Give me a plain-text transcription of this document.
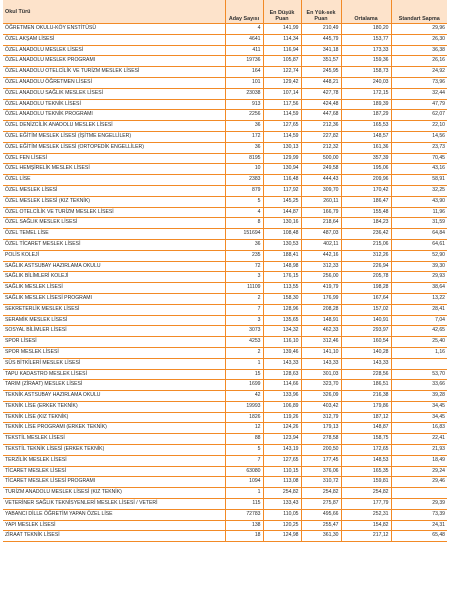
Okul Türü	Aday Sayısı	En Düşük Puan	En Yük-sek Puan	Ortalama	Standart Sapma
ÖĞRETMEN OKULU-KÖY ENSTİTÜSÜ	4	141,99	210,49	180,20	29,96
ÖZEL AKŞAM LİSESİ	4641	114,34	445,79	153,77	26,30
ÖZEL ANADOLU MESLEK LİSESİ	411	116,94	341,18	173,33	36,38
ÖZEL ANADOLU MESLEK PROGRAMI	19736	105,87	351,57	159,36	26,16
ÖZEL ANADOLU OTELCİLİK VE TURİZM MESLEK LİSESİ	164	122,74	245,95	158,73	24,92
ÖZEL ANADOLU ÖĞRETMEN LİSESİ	101	129,42	448,21	240,03	73,96
ÖZEL ANADOLU SAĞLIK MESLEK LİSESİ	23038	107,14	427,78	172,15	32,44
ÖZEL ANADOLU TEKNİK LİSESİ	913	117,56	424,48	189,39	47,79
ÖZEL ANADOLU TEKNİK PROGRAMI	2256	114,59	447,68	187,29	62,07
ÖZEL DENİZCİLİK ANADOLU MESLEK LİSESİ	36	127,65	212,36	165,53	22,10
ÖZEL EĞİTİM MESLEK LİSESİ (İŞİTME ENGELLİLER)	172	114,59	227,82	148,57	14,56
ÖZEL EĞİTİM MESLEK LİSESİ (ORTOPEDİK ENGELLİLER)	36	130,13	212,32	161,36	23,73
ÖZEL FEN LİSESİ	8195	129,99	500,00	357,39	70,45
ÖZEL HEMŞİRELİK MESLEK LİSESİ	10	130,94	249,58	195,06	43,16
ÖZEL LİSE	2383	116,48	444,43	209,96	58,91
ÖZEL MESLEK LİSESİ	879	117,92	309,70	170,42	32,25
ÖZEL MESLEK LİSESİ (KIZ TEKNİK)	5	145,25	260,11	186,47	43,90
ÖZEL OTELCİLİK VE TURİZM MESLEK LİSESİ	4	144,87	166,79	155,48	11,96
ÖZEL SAĞLIK MESLEK LİSESİ	8	130,16	218,64	184,23	31,59
ÖZEL TEMEL LİSE	151694	108,48	487,03	236,42	64,84
ÖZEL TİCARET MESLEK LİSESİ	36	130,53	402,11	215,06	64,61
POLİS KOLEJİ	235	188,41	442,16	312,26	52,90
SAĞLIK ASTSUBAY HAZIRLAMA OKULU	72	148,98	312,33	226,94	39,30
SAĞLIK BİLİMLERİ KOLEJİ	3	176,15	256,00	205,78	29,93
SAĞLIK MESLEK LİSESİ	11109	113,55	419,79	198,28	38,64
SAĞLIK MESLEK LİSESİ PROGRAMI	2	158,30	176,99	167,64	13,22
SEKRETERLİK MESLEK LİSESİ	7	128,96	208,28	157,02	28,41
SERAMİK MESLEK LİSESİ	3	135,65	148,91	140,91	7,04
SOSYAL BİLİMLER LİSESİ	3073	134,32	462,33	293,97	42,65
SPOR LİSESİ	4253	116,10	312,46	160,54	25,40
SPOR MESLEK LİSESİ	2	139,46	141,10	140,28	1,16
SÜS BİTKİLERİ MESLEK LİSESİ	1	143,33	143,33	143,33	
TAPU KADASTRO MESLEK LİSESİ	15	128,63	301,03	228,56	53,70
TARIM (ZİRAAT) MESLEK LİSESİ	1699	114,66	323,70	186,51	33,66
TEKNİK ASTSUBAY HAZIRLAMA OKULU	42	133,96	326,09	216,38	39,28
TEKNİK LİSE (ERKEK TEKNİK)	19993	106,89	403,42	179,86	34,45
TEKNİK LİSE (KIZ TEKNİK)	1826	119,26	312,79	187,12	34,45
TEKNİK LİSE PROGRAMI (ERKEK TEKNİK)	12	124,26	179,13	148,87	16,83
TEKSTİL MESLEK LİSESİ	88	123,94	278,58	158,75	22,41
TEKSTİL TEKNİK LİSESİ (ERKEK TEKNİK)	5	143,19	200,50	172,65	21,93
TERZİLİK MESLEK LİSESİ	7	127,65	177,45	148,53	18,49
TİCARET MESLEK LİSESİ	63080	110,15	376,06	165,35	29,24
TİCARET MESLEK LİSESİ PROGRAMI	1094	113,08	310,72	159,81	29,46
TURİZM ANADOLU MESLEK LİSESİ (KIZ TEKNİK)	1	254,82	254,82	254,82	
VETERİNER SAĞLIK TEKNİSYENLERİ MESLEK LİSESİ / VETERİ	115	133,43	275,87	177,79	29,39
YABANCI DİLLE ÖĞRETİM YAPAN ÖZEL LİSE	72783	110,05	495,66	252,31	73,39
YAPI MESLEK LİSESİ	138	120,25	255,47	154,82	24,31
ZİRAAT TEKNİK LİSESİ	18	124,98	361,30	217,12	65,48
